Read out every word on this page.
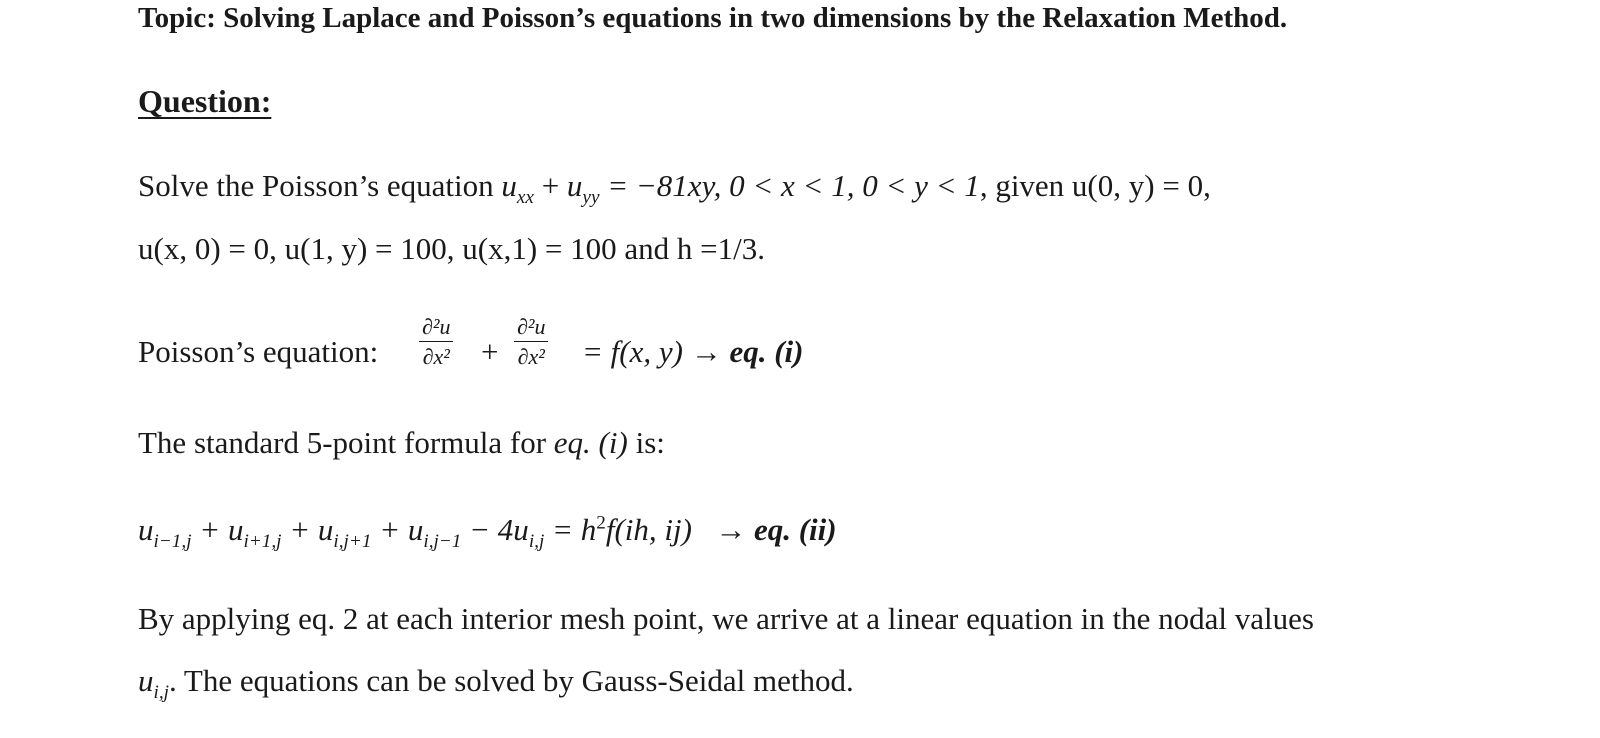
Topic: Solving Laplace and Poisson’s equations in two dimensions by the Relaxation Method.
Question:
Solve the Poisson’s equation $u_{xx} + u_{yy} = -81xy$, 0 < x < 1, 0 < y < 1, given u(0, y) = 0,
u(x, 0) = 0, u(1, y) = 100, u(x,1) = 100 and h =1/3.
Poisson’s equation: $\frac{\text{∂²u}}{\text{∂x²}} + \frac{\text{∂²u}}{\text{∂x²}} = f(x$, y) → eq. (i)
The standard 5-point formula for eq. (i) is:
$u_{i-1,j} + u_{i+1,j} + u_{i,j+1} + u_{i,j-1} - 4u_{i,j} = h^2f(ih$, ij)   → eq. (ii)
By applying eq. 2 at each interior mesh point, we arrive at a linear equation in the nodal values
$u_{i,j}$. The equations can be solved by Gauss-Seidal method.
